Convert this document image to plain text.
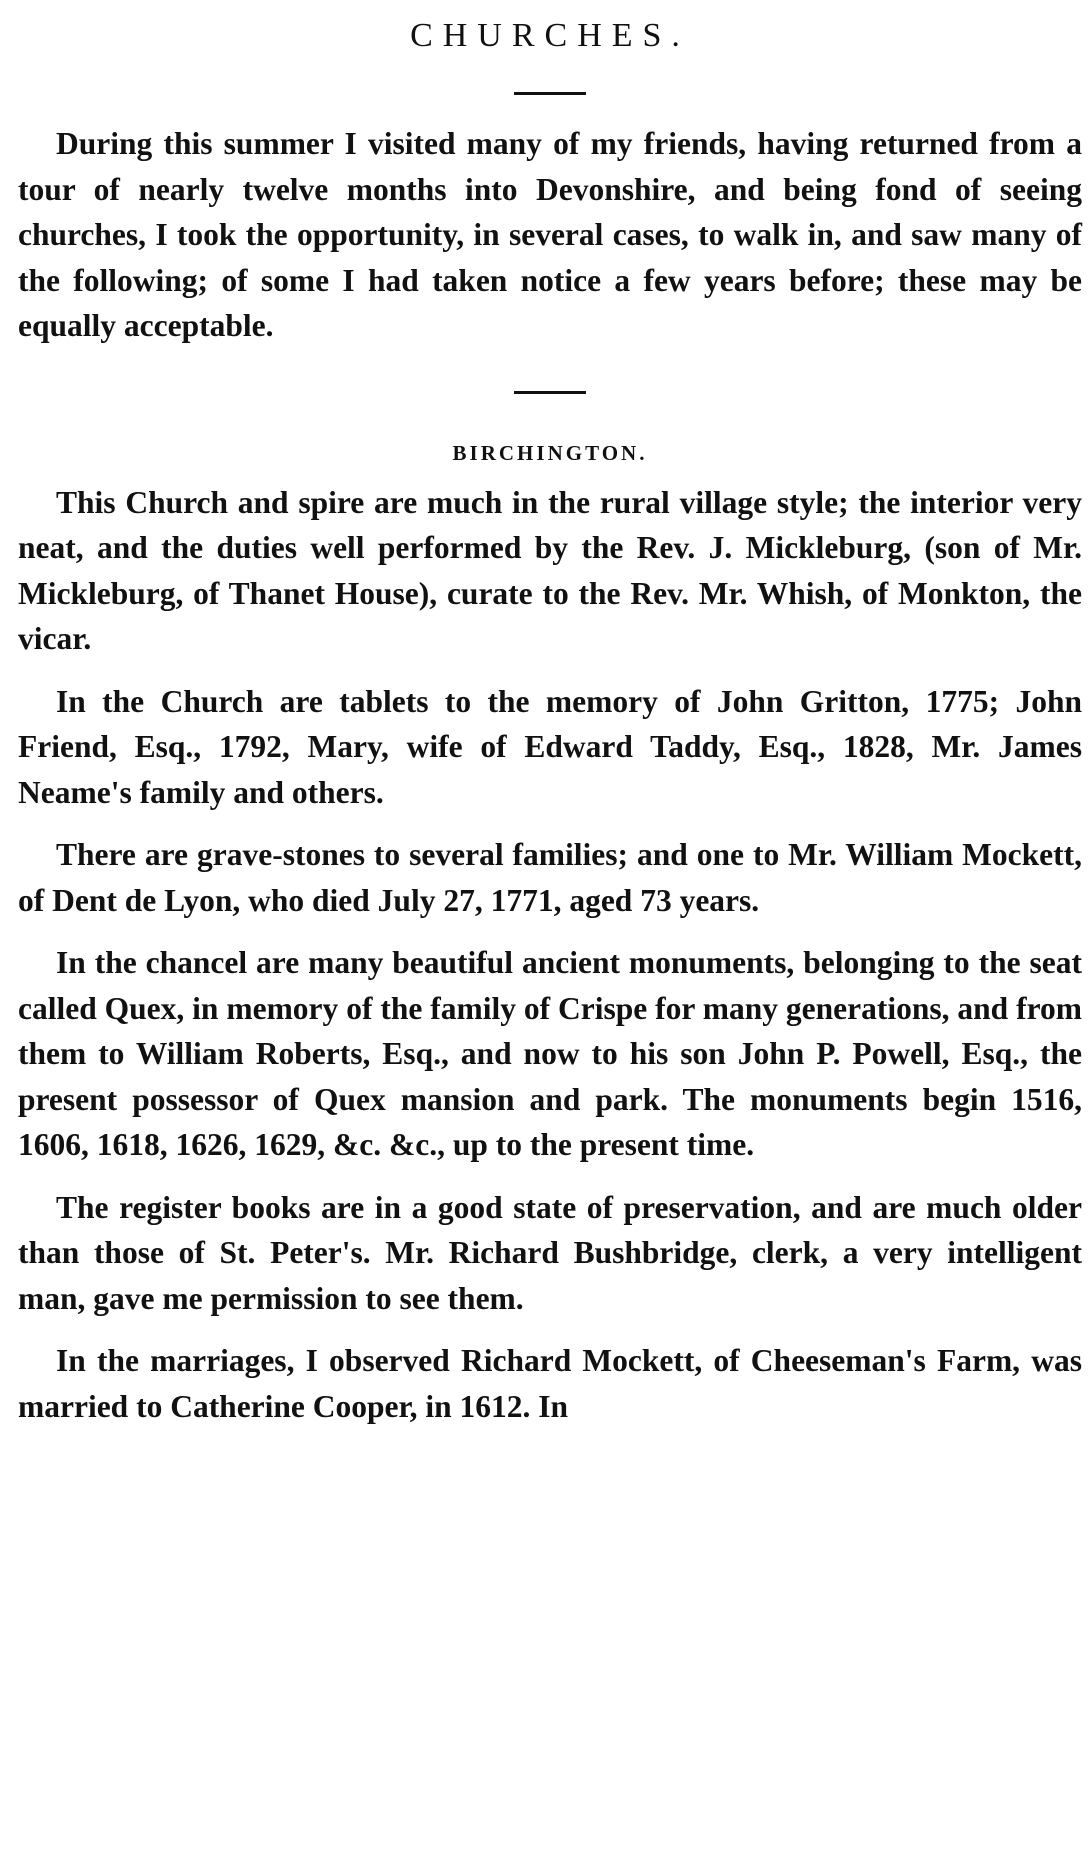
CHURCHES.

During this summer I visited many of my friends, having returned from a tour of nearly twelve months into Devonshire, and being fond of seeing churches, I took the opportunity, in several cases, to walk in, and saw many of the following; of some I had taken notice a few years before; these may be equally acceptable.

BIRCHINGTON.

This Church and spire are much in the rural village style; the interior very neat, and the duties well performed by the Rev. J. Mickleburg, (son of Mr. Mickleburg, of Thanet House), curate to the Rev. Mr. Whish, of Monkton, the vicar.

In the Church are tablets to the memory of John Gritton, 1775; John Friend, Esq., 1792, Mary, wife of Edward Taddy, Esq., 1828, Mr. James Neame's family and others.

There are grave-stones to several families; and one to Mr. William Mockett, of Dent de Lyon, who died July 27, 1771, aged 73 years.

In the chancel are many beautiful ancient monuments, belonging to the seat called Quex, in memory of the family of Crispe for many generations, and from them to William Roberts, Esq., and now to his son John P. Powell, Esq., the present possessor of Quex mansion and park. The monuments begin 1516, 1606, 1618, 1626, 1629, &c. &c., up to the present time.

The register books are in a good state of preservation, and are much older than those of St. Peter's. Mr. Richard Bushbridge, clerk, a very intelligent man, gave me permission to see them.

In the marriages, I observed Richard Mockett, of Cheeseman's Farm, was married to Catherine Cooper, in 1612. In
